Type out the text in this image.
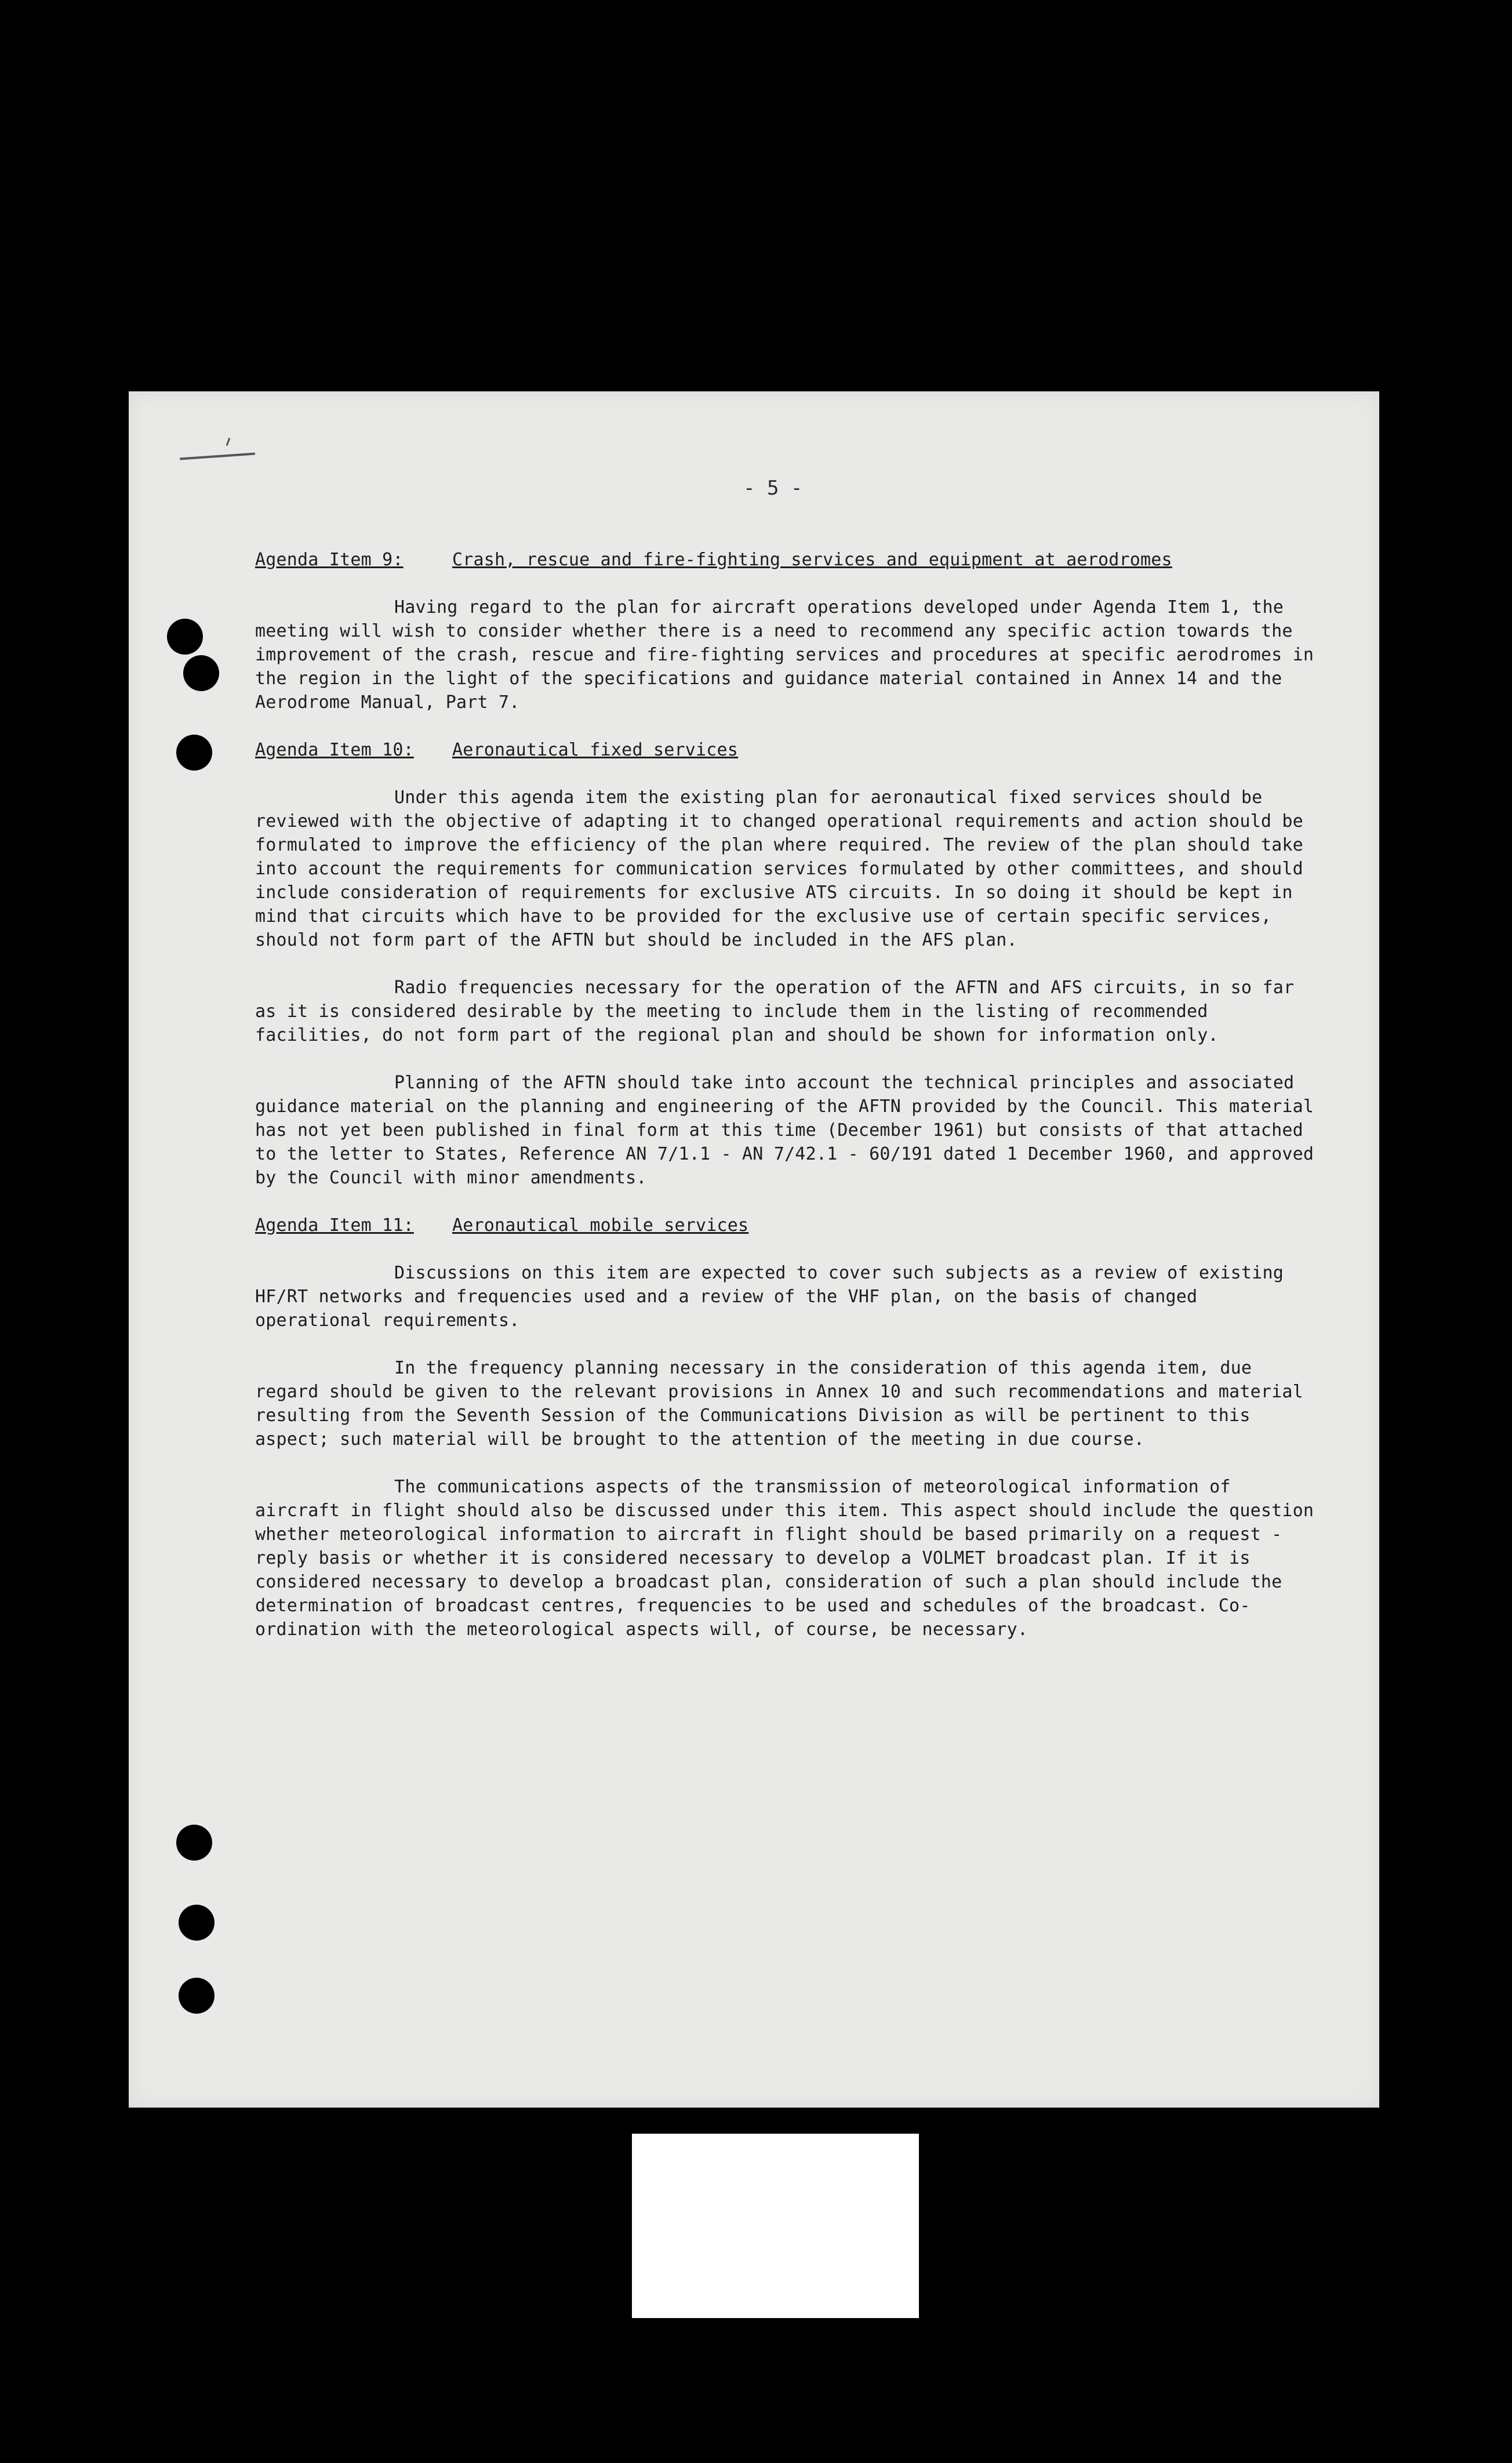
- 5 -
Agenda Item 9:	Crash, rescue and fire-fighting services and equipment at aerodromes

Having regard to the plan for aircraft operations developed under Agenda Item 1, the meeting will wish to consider whether there is a need to recommend any specific action towards the improvement of the crash, rescue and fire-fighting services and procedures at specific aerodromes in the region in the light of the specifications and guidance material contained in Annex 14 and the Aerodrome Manual, Part 7.

Agenda Item 10:	Aeronautical fixed services

Under this agenda item the existing plan for aeronautical fixed services should be reviewed with the objective of adapting it to changed operational requirements and action should be formulated to improve the efficiency of the plan where required. The review of the plan should take into account the requirements for communication services formulated by other committees, and should include consideration of requirements for exclusive ATS circuits. In so doing it should be kept in mind that circuits which have to be provided for the exclusive use of certain specific services, should not form part of the AFTN but should be included in the AFS plan.

Radio frequencies necessary for the operation of the AFTN and AFS circuits, in so far as it is considered desirable by the meeting to include them in the listing of recommended facilities, do not form part of the regional plan and should be shown for information only.

Planning of the AFTN should take into account the technical principles and associated guidance material on the planning and engineering of the AFTN provided by the Council. This material has not yet been published in final form at this time (December 1961) but consists of that attached to the letter to States, Reference AN 7/1.1 - AN 7/42.1 - 60/191 dated 1 December 1960, and approved by the Council with minor amendments.

Agenda Item 11:	Aeronautical mobile services

Discussions on this item are expected to cover such subjects as a review of existing HF/RT networks and frequencies used and a review of the VHF plan, on the basis of changed operational requirements.

In the frequency planning necessary in the consideration of this agenda item, due regard should be given to the relevant provisions in Annex 10 and such recommendations and material resulting from the Seventh Session of the Communications Division as will be pertinent to this aspect; such material will be brought to the attention of the meeting in due course.

The communications aspects of the transmission of meteorological information of aircraft in flight should also be discussed under this item. This aspect should include the question whether meteorological information to aircraft in flight should be based primarily on a request - reply basis or whether it is considered necessary to develop a VOLMET broadcast plan. If it is considered necessary to develop a broadcast plan, consideration of such a plan should include the determination of broadcast centres, frequencies to be used and schedules of the broadcast. Co-ordination with the meteorological aspects will, of course, be necessary.
